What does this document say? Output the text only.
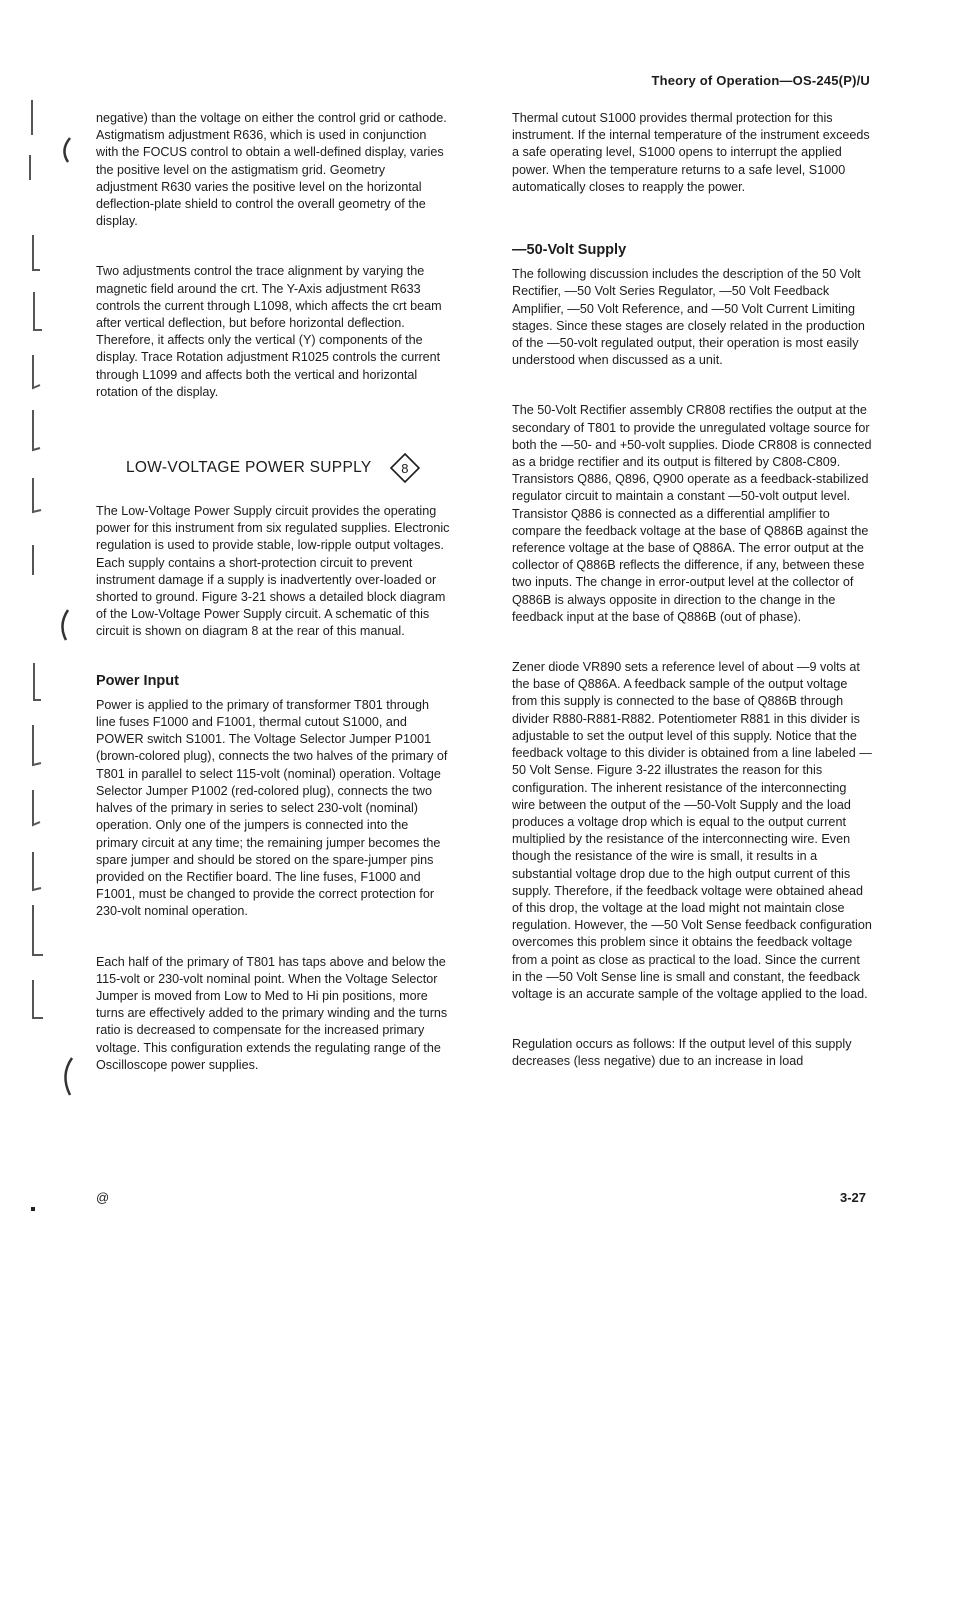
Theory of Operation—OS-245(P)/U

negative) than the voltage on either the control grid or cathode. Astigmatism adjustment R636, which is used in conjunction with the FOCUS control to obtain a well-defined display, varies the positive level on the astigmatism grid. Geometry adjustment R630 varies the positive level on the horizontal deflection-plate shield to control the overall geometry of the display.

Two adjustments control the trace alignment by varying the magnetic field around the crt. The Y-Axis adjustment R633 controls the current through L1098, which affects the crt beam after vertical deflection, but before horizontal deflection. Therefore, it affects only the vertical (Y) components of the display. Trace Rotation adjustment R1025 controls the current through L1099 and affects both the vertical and horizontal rotation of the display.

LOW-VOLTAGE POWER SUPPLY 8

The Low-Voltage Power Supply circuit provides the operating power for this instrument from six regulated supplies. Electronic regulation is used to provide stable, low-ripple output voltages. Each supply contains a short-protection circuit to prevent instrument damage if a supply is inadvertently over-loaded or shorted to ground. Figure 3-21 shows a detailed block diagram of the Low-Voltage Power Supply circuit. A schematic of this circuit is shown on diagram 8 at the rear of this manual.

Power Input

Power is applied to the primary of transformer T801 through line fuses F1000 and F1001, thermal cutout S1000, and POWER switch S1001. The Voltage Selector Jumper P1001 (brown-colored plug), connects the two halves of the primary of T801 in parallel to select 115-volt (nominal) operation. Voltage Selector Jumper P1002 (red-colored plug), connects the two halves of the primary in series to select 230-volt (nominal) operation. Only one of the jumpers is connected into the primary circuit at any time; the remaining jumper becomes the spare jumper and should be stored on the spare-jumper pins provided on the Rectifier board. The line fuses, F1000 and F1001, must be changed to provide the correct protection for 230-volt nominal operation.

Each half of the primary of T801 has taps above and below the 115-volt or 230-volt nominal point. When the Voltage Selector Jumper is moved from Low to Med to Hi pin positions, more turns are effectively added to the primary winding and the turns ratio is decreased to compensate for the increased primary voltage. This configuration extends the regulating range of the Oscilloscope power supplies.

Thermal cutout S1000 provides thermal protection for this instrument. If the internal temperature of the instrument exceeds a safe operating level, S1000 opens to interrupt the applied power. When the temperature returns to a safe level, S1000 automatically closes to reapply the power.

—50-Volt Supply

The following discussion includes the description of the 50 Volt Rectifier, —50 Volt Series Regulator, —50 Volt Feedback Amplifier, —50 Volt Reference, and —50 Volt Current Limiting stages. Since these stages are closely related in the production of the —50-volt regulated output, their operation is most easily understood when discussed as a unit.

The 50-Volt Rectifier assembly CR808 rectifies the output at the secondary of T801 to provide the unregulated voltage source for both the —50- and +50-volt supplies. Diode CR808 is connected as a bridge rectifier and its output is filtered by C808-C809. Transistors Q886, Q896, Q900 operate as a feedback-stabilized regulator circuit to maintain a constant —50-volt output level. Transistor Q886 is connected as a differential amplifier to compare the feedback voltage at the base of Q886B against the reference voltage at the base of Q886A. The error output at the collector of Q886B reflects the difference, if any, between these two inputs. The change in error-output level at the collector of Q886B is always opposite in direction to the change in the feedback input at the base of Q886B (out of phase).

Zener diode VR890 sets a reference level of about —9 volts at the base of Q886A. A feedback sample of the output voltage from this supply is connected to the base of Q886B through divider R880-R881-R882. Potentiometer R881 in this divider is adjustable to set the output level of this supply. Notice that the feedback voltage to this divider is obtained from a line labeled —50 Volt Sense. Figure 3-22 illustrates the reason for this configuration. The inherent resistance of the interconnecting wire between the output of the —50-Volt Supply and the load produces a voltage drop which is equal to the output current multiplied by the resistance of the interconnecting wire. Even though the resistance of the wire is small, it results in a substantial voltage drop due to the high output current of this supply. Therefore, if the feedback voltage were obtained ahead of this drop, the voltage at the load might not maintain close regulation. However, the —50 Volt Sense feedback configuration overcomes this problem since it obtains the feedback voltage from a point as close as practical to the load. Since the current in the —50 Volt Sense line is small and constant, the feedback voltage is an accurate sample of the voltage applied to the load.

Regulation occurs as follows: If the output level of this supply decreases (less negative) due to an increase in load

@	3-27
